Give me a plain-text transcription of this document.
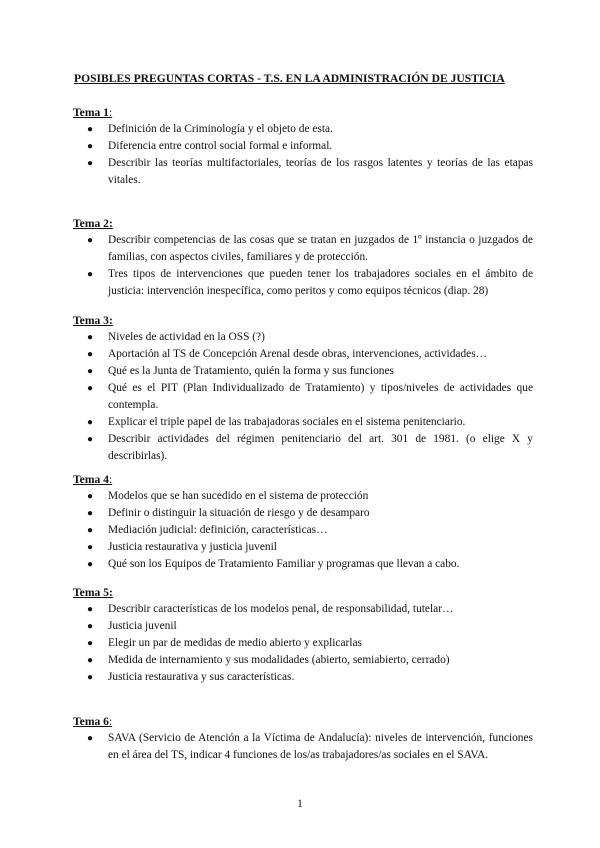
POSIBLES PREGUNTAS CORTAS - T.S. EN LA ADMINISTRACIÓN DE JUSTICIA

Tema 1:

● Definición de la Criminología y el objeto de esta.
● Diferencia entre control social formal e informal.
● Describir las teorías multifactoriales, teorías de los rasgos latentes y teorías de las etapas vitales.

Tema 2:

● Describir competencias de las cosas que se tratan en juzgados de 1º instancia o juzgados de familias, con aspectos civiles, familiares y de protección.
● Tres tipos de intervenciones que pueden tener los trabajadores sociales en el ámbito de justicia: intervención inespecífica, como peritos y como equipos técnicos (diap. 28)

Tema 3:

● Niveles de actividad en la OSS (?)
● Aportación al TS de Concepción Arenal desde obras, intervenciones, actividades…
● Qué es la Junta de Tratamiento, quién la forma y sus funciones
● Qué es el PIT (Plan Individualizado de Tratamiento) y tipos/niveles de actividades que contempla.
● Explicar el triple papel de las trabajadoras sociales en el sistema penitenciario.
● Describir actividades del régimen penitenciario del art. 301 de 1981. (o elige X y describirlas).

Tema 4:

● Modelos que se han sucedido en el sistema de protección
● Definir o distinguir la situación de riesgo y de desamparo
● Mediación judicial: definición, características…
● Justicia restaurativa y justicia juvenil
● Qué son los Equipos de Tratamiento Familiar y programas que llevan a cabo.

Tema 5:

● Describir características de los modelos penal, de responsabilidad, tutelar…
● Justicia juvenil
● Elegir un par de medidas de medio abierto y explicarlas
● Medida de internamiento y sus modalidades (abierto, semiabierto, cerrado)
● Justicia restaurativa y sus características.

Tema 6:

● SAVA (Servicio de Atención a la Víctima de Andalucía): niveles de intervención, funciones en el área del TS, indicar 4 funciones de los/as trabajadores/as sociales en el SAVA.
1
